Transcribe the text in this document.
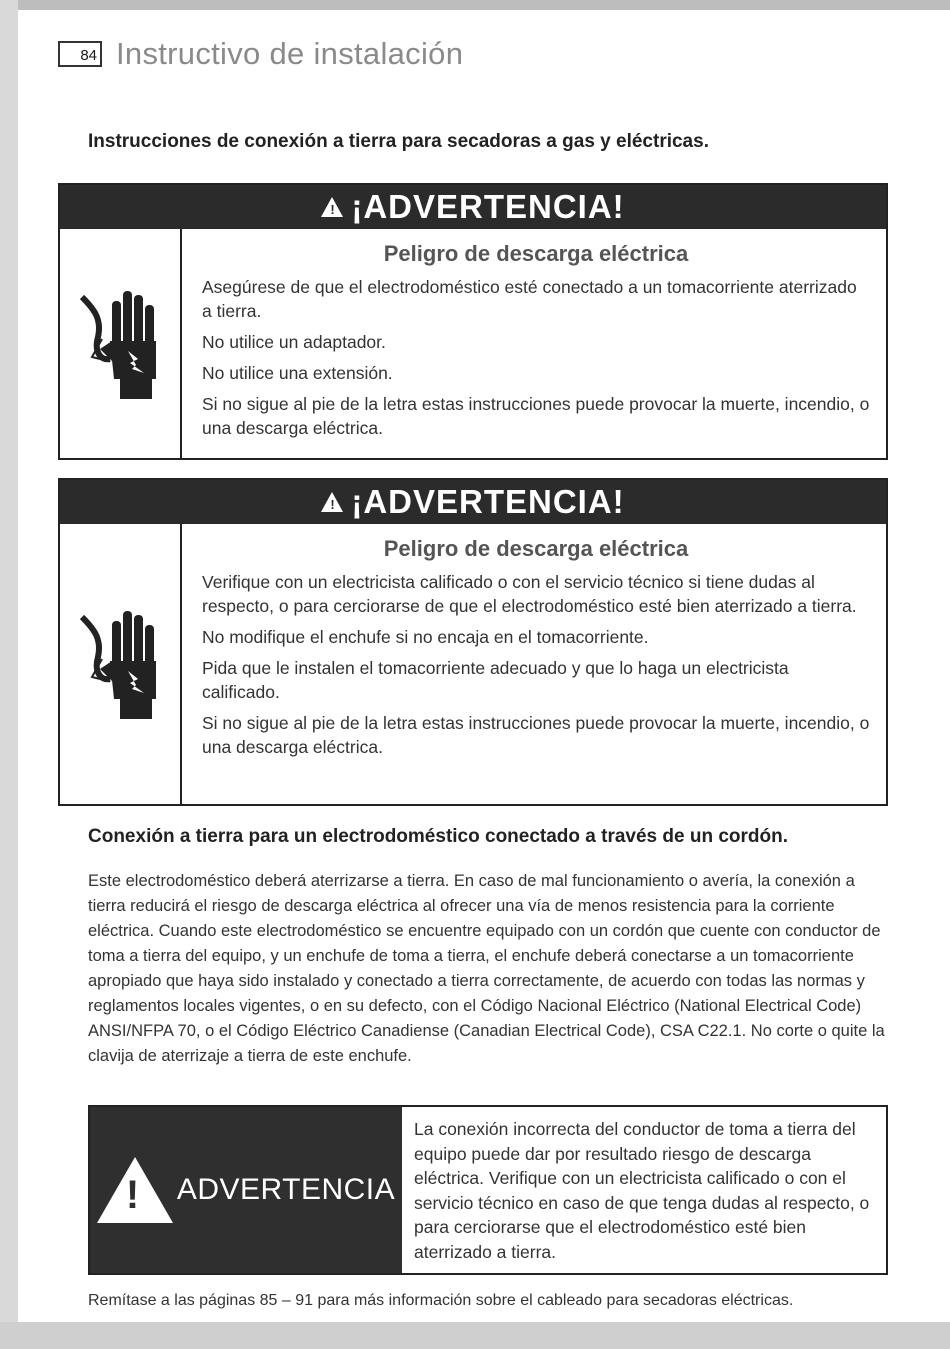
84 Instructivo de instalación
Instrucciones de conexión a tierra para secadoras a gas y eléctricas.
! ¡ADVERTENCIA!
Peligro de descarga eléctrica

Asegúrese de que el electrodoméstico esté conectado a un tomacorriente aterrizado a tierra.

No utilice un adaptador.

No utilice una extensión.

Si no sigue al pie de la letra estas instrucciones puede provocar la muerte, incendio, o una descarga eléctrica.

! ¡ADVERTENCIA!
Peligro de descarga eléctrica

Verifique con un electricista calificado o con el servicio técnico si tiene dudas al respecto, o para cerciorarse de que el electrodoméstico esté bien aterrizado a tierra.

No modifique el enchufe si no encaja en el tomacorriente.

Pida que le instalen el tomacorriente adecuado y que lo haga un electricista calificado.

Si no sigue al pie de la letra estas instrucciones puede provocar la muerte, incendio, o una descarga eléctrica.

Conexión a tierra para un electrodoméstico conectado a través de un cordón.
Este electrodoméstico deberá aterrizarse a tierra. En caso de mal funcionamiento o avería, la conexión a tierra reducirá el riesgo de descarga eléctrica al ofrecer una vía de menos resistencia para la corriente eléctrica. Cuando este electrodoméstico se encuentre equipado con un cordón que cuente con conductor de toma a tierra del equipo, y un enchufe de toma a tierra, el enchufe deberá conectarse a un tomacorriente apropiado que haya sido instalado y conectado a tierra correctamente, de acuerdo con todas las normas y reglamentos locales vigentes, o en su defecto, con el Código Nacional Eléctrico (National Electrical Code) ANSI/NFPA 70, o el Código Eléctrico Canadiense (Canadian Electrical Code), CSA C22.1. No corte o quite la clavija de aterrizaje a tierra de este enchufe.
! ADVERTENCIA
La conexión incorrecta del conductor de toma a tierra del equipo puede dar por resultado riesgo de descarga eléctrica. Verifique con un electricista calificado o con el servicio técnico en caso de que tenga dudas al respecto, o para cerciorarse que el electrodoméstico esté bien aterrizado a tierra.
Remítase a las páginas 85 – 91 para más información sobre el cableado para secadoras eléctricas.
